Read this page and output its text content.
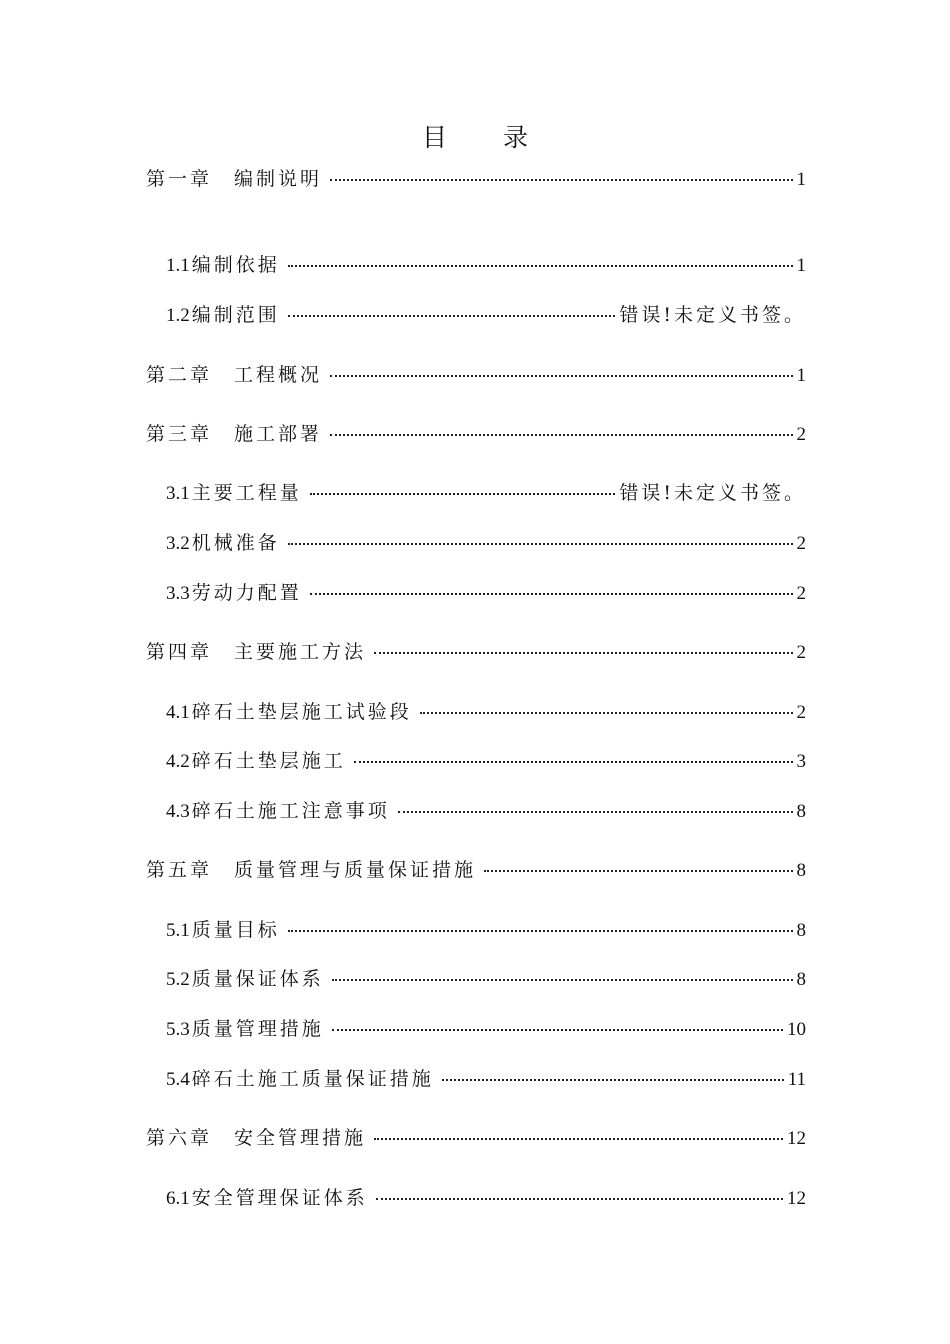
目 录
第一章 编制说明	1
1.1 编制依据	1
1.2 编制范围	错误!未定义书签。
第二章 工程概况	1
第三章 施工部署	2
3.1 主要工程量	错误!未定义书签。
3.2 机械准备	2
3.3 劳动力配置	2
第四章 主要施工方法	2
4.1 碎石土垫层施工试验段	2
4.2 碎石土垫层施工	3
4.3 碎石土施工注意事项	8
第五章 质量管理与质量保证措施	8
5.1 质量目标	8
5.2 质量保证体系	8
5.3 质量管理措施	10
5.4 碎石土施工质量保证措施	11
第六章 安全管理措施	12
6.1 安全管理保证体系	12
